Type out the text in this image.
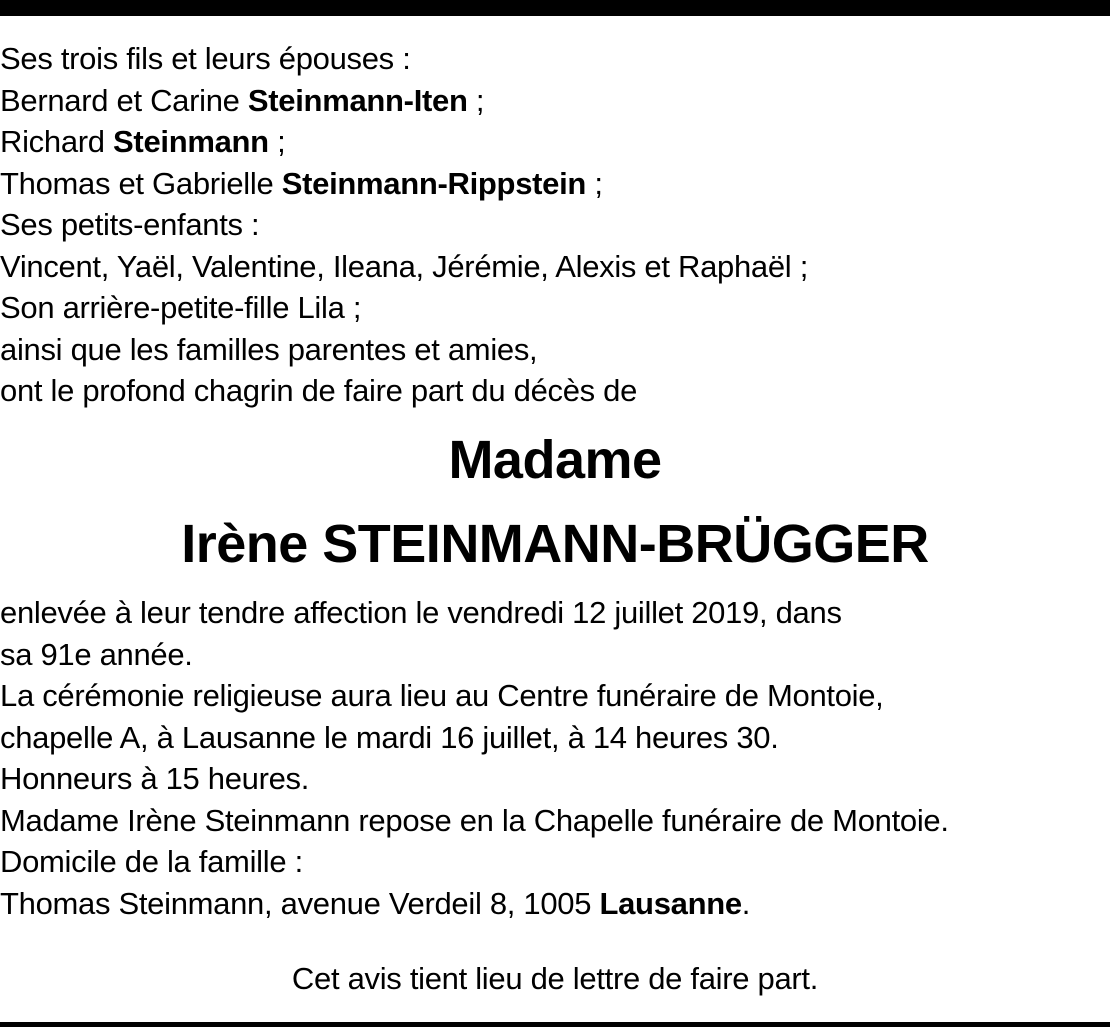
Ses trois fils et leurs épouses :
Bernard et Carine Steinmann-Iten ;
Richard Steinmann ;
Thomas et Gabrielle Steinmann-Rippstein ;
Ses petits-enfants :
Vincent, Yaël, Valentine, Ileana, Jérémie, Alexis et Raphaël ;
Son arrière-petite-fille Lila ;
ainsi que les familles parentes et amies,
ont le profond chagrin de faire part du décès de
Madame
Irène STEINMANN-BRÜGGER
enlevée à leur tendre affection le vendredi 12 juillet 2019, dans
sa 91e année.
La cérémonie religieuse aura lieu au Centre funéraire de Montoie,
chapelle A, à Lausanne le mardi 16 juillet, à 14 heures 30.
Honneurs à 15 heures.
Madame Irène Steinmann repose en la Chapelle funéraire de Montoie.
Domicile de la famille :
Thomas Steinmann, avenue Verdeil 8, 1005 Lausanne.
Cet avis tient lieu de lettre de faire part.
